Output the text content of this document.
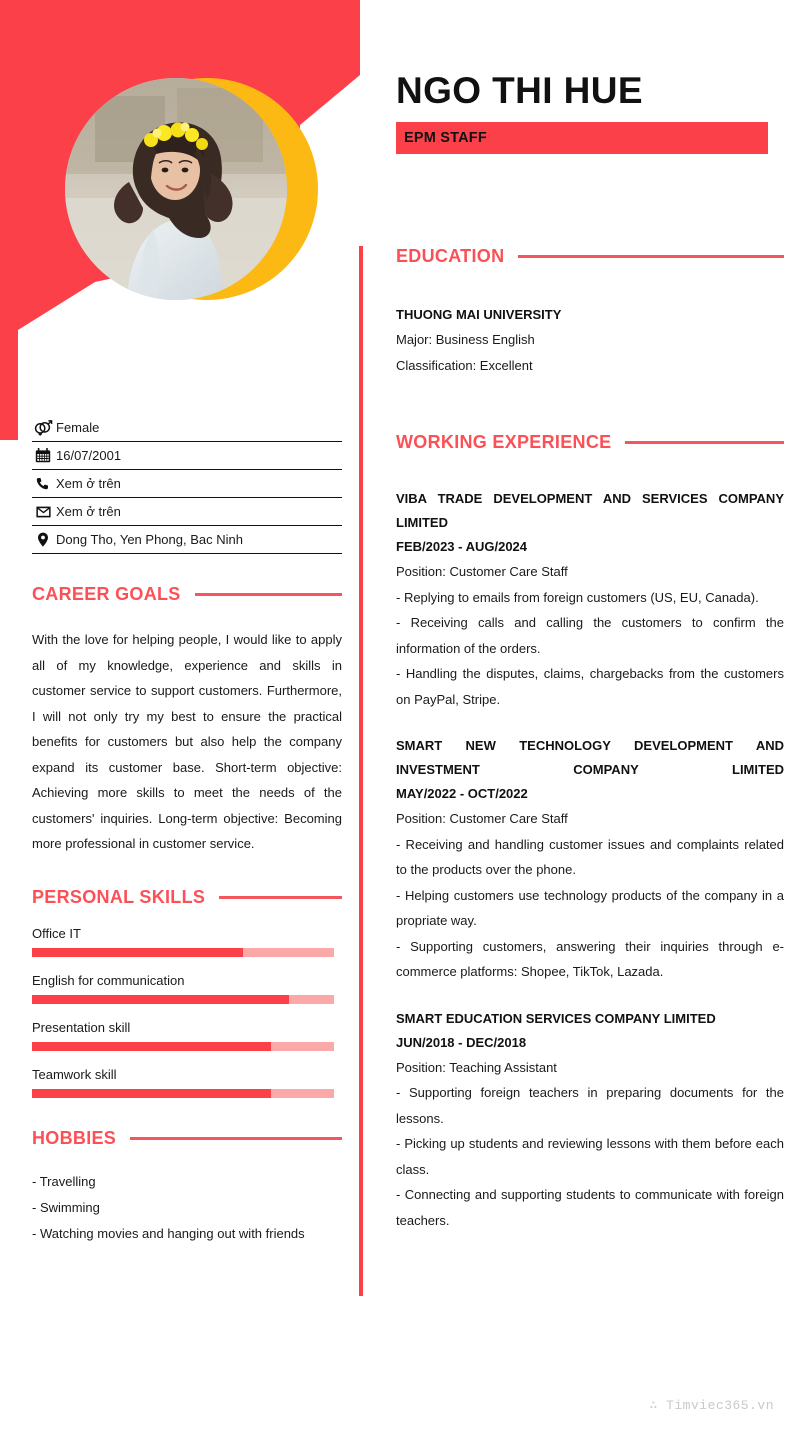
NGO THI HUE
EPM STAFF
Female
16/07/2001
Xem ở trên
Xem ở trên
Dong Tho, Yen Phong, Bac Ninh
CAREER GOALS
With the love for helping people, I would like to apply all of my knowledge, experience and skills in customer service to support customers. Furthermore, I will not only try my best to ensure the practical benefits for customers but also help the company expand its customer base. Short-term objective: Achieving more skills to meet the needs of the customers' inquiries. Long-term objective: Becoming more professional in customer service.
PERSONAL SKILLS
Office IT
English for communication
Presentation skill
Teamwork skill
HOBBIES
- Travelling
- Swimming
- Watching movies and hanging out with friends
EDUCATION
THUONG MAI UNIVERSITY
Major: Business English
Classification: Excellent
WORKING EXPERIENCE
VIBA TRADE DEVELOPMENT AND SERVICES COMPANY LIMITED
FEB/2023 - AUG/2024
Position: Customer Care Staff
- Replying to emails from foreign customers (US, EU, Canada).
- Receiving calls and calling the customers to confirm the information of the orders.
- Handling the disputes, claims, chargebacks from the customers on PayPal, Stripe.
SMART NEW TECHNOLOGY DEVELOPMENT AND INVESTMENT COMPANY LIMITED
MAY/2022 - OCT/2022
Position: Customer Care Staff
- Receiving and handling customer issues and complaints related to the products over the phone.
- Helping customers use technology products of the company in a propriate way.
- Supporting customers, answering their inquiries through e-commerce platforms: Shopee, TikTok, Lazada.
SMART EDUCATION SERVICES COMPANY LIMITED
JUN/2018 - DEC/2018
Position: Teaching Assistant
- Supporting foreign teachers in preparing documents for the lessons.
- Picking up students and reviewing lessons with them before each class.
- Connecting and supporting students to communicate with foreign teachers.
∴ Timviec365.vn
